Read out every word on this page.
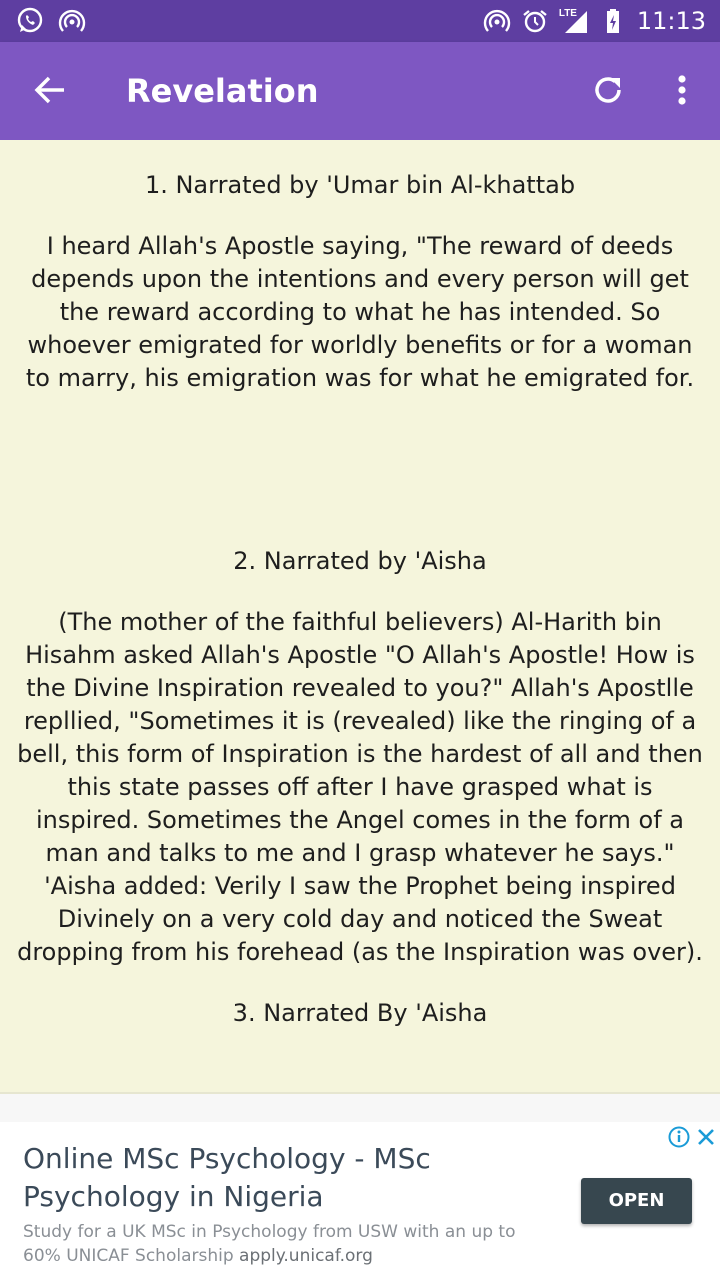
LTE 11:13
Revelation
1. Narrated by 'Umar bin Al-khattab
I heard Allah's Apostle saying, "The reward of deeds depends upon the intentions and every person will get the reward according to what he has intended. So whoever emigrated for worldly benefits or for a woman to marry, his emigration was for what he emigrated for.
2. Narrated by 'Aisha
(The mother of the faithful believers) Al-Harith bin Hisahm asked Allah's Apostle "O Allah's Apostle! How is the Divine Inspiration revealed to you?" Allah's Apostlle repllied, "Sometimes it is (revealed) like the ringing of a bell, this form of Inspiration is the hardest of all and then this state passes off after I have grasped what is inspired. Sometimes the Angel comes in the form of a man and talks to me and I grasp whatever he says." 'Aisha added: Verily I saw the Prophet being inspired Divinely on a very cold day and noticed the Sweat dropping from his forehead (as the Inspiration was over).
3. Narrated By 'Aisha
Online MSc Psychology - MSc Psychology in Nigeria
Study for a UK MSc in Psychology from USW with an up to 60% UNICAF Scholarship apply.unicaf.org
OPEN
